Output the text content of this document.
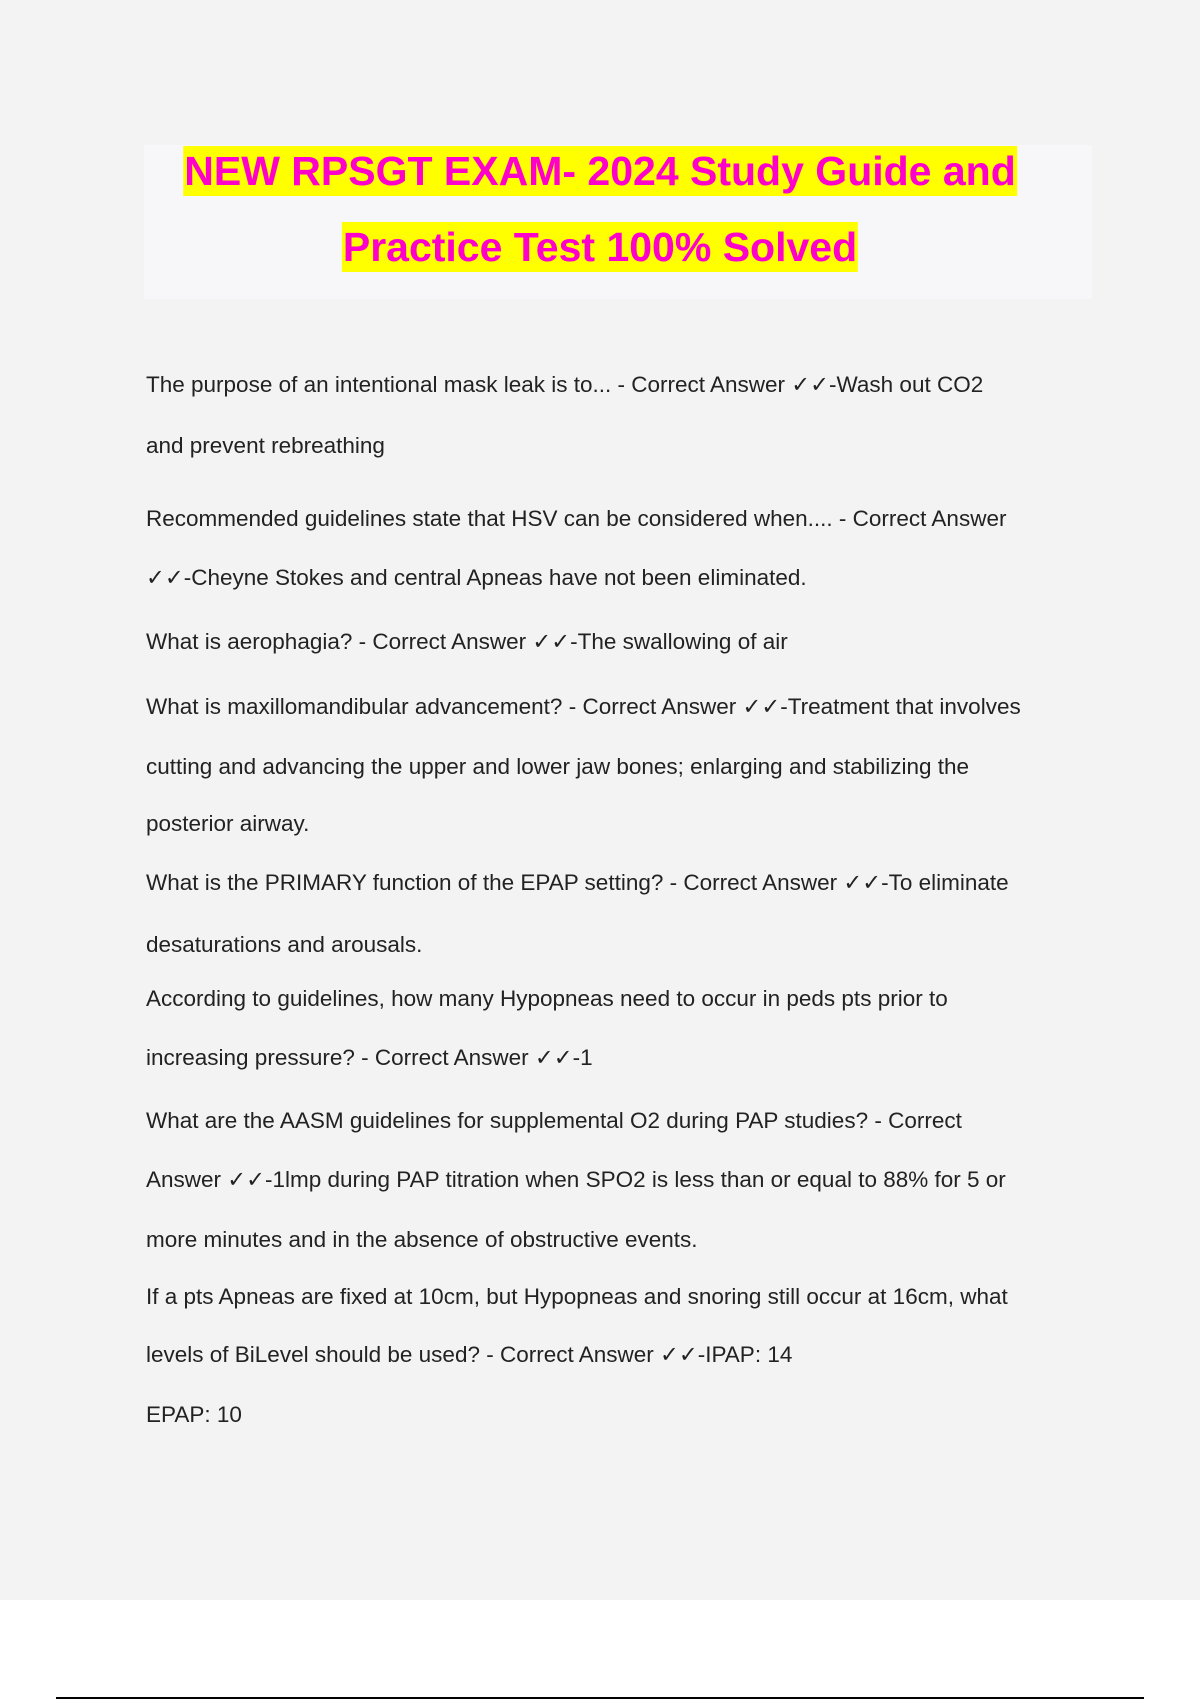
NEW RPSGT EXAM- 2024 Study Guide and
Practice Test 100% Solved
The purpose of an intentional mask leak is to... - Correct Answer ✓✓-Wash out CO2
and prevent rebreathing
Recommended guidelines state that HSV can be considered when.... - Correct Answer
✓✓-Cheyne Stokes and central Apneas have not been eliminated.
What is aerophagia? - Correct Answer ✓✓-The swallowing of air
What is maxillomandibular advancement? - Correct Answer ✓✓-Treatment that involves
cutting and advancing the upper and lower jaw bones; enlarging and stabilizing the
posterior airway.
What is the PRIMARY function of the EPAP setting? - Correct Answer ✓✓-To eliminate
desaturations and arousals.
According to guidelines, how many Hypopneas need to occur in peds pts prior to
increasing pressure? - Correct Answer ✓✓-1
What are the AASM guidelines for supplemental O2 during PAP studies? - Correct
Answer ✓✓-1lmp during PAP titration when SPO2 is less than or equal to 88% for 5 or
more minutes and in the absence of obstructive events.
If a pts Apneas are fixed at 10cm, but Hypopneas and snoring still occur at 16cm, what
levels of BiLevel should be used? - Correct Answer ✓✓-IPAP: 14
EPAP: 10
